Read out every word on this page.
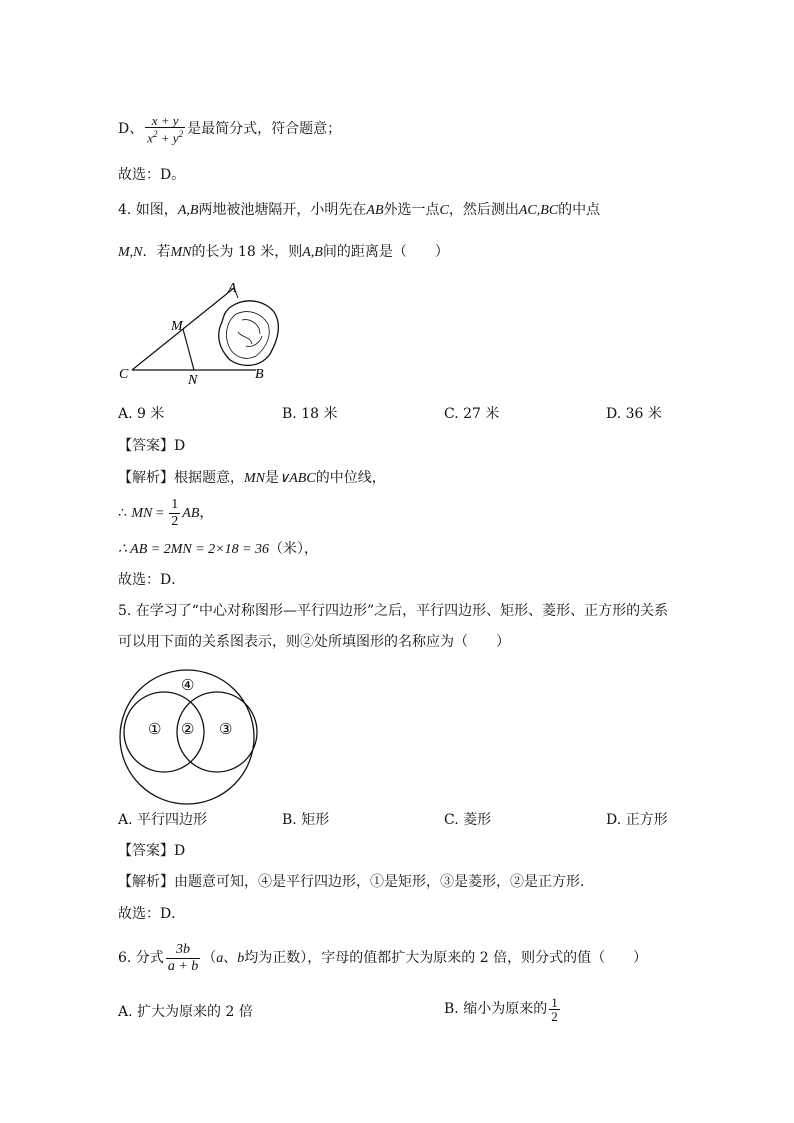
D、 $\frac{x + y}{x^2 + y^2}$ 是最简分式，符合题意；
故选：D。
4. 如图，A,B两地被池塘隔开，小明先在AB外选一点C，然后测出AC,BC的中点
M,N．若MN的长为 18 米，则A,B间的距离是（　　）
A
M
C	N	B
A. 9 米	B. 18 米	C. 27 米	D. 36 米
【答案】D
【解析】根据题意，MN是∨ABC的中位线，
∴ MN = $\frac{1}{2}$ AB，
∴ AB = 2MN = 2×18 = 36（米），
故选：D．
5. 在学习了“中心对称图形—平行四边形”之后，平行四边形、矩形、菱形、正方形的关系
可以用下面的关系图表示，则②处所填图形的名称应为（　　）
④
① ② ③
A. 平行四边形	B. 矩形	C. 菱形	D. 正方形
【答案】D
【解析】由题意可知，④是平行四边形，①是矩形，③是菱形，②是正方形．
故选：D．
6. 分式 $\frac{3b}{a + b} (a$、b均为正数），字母的值都扩大为原来的 2 倍，则分式的值（　　）
A. 扩大为原来的 2 倍	B. 缩小为原来的 $\frac{1}{2}$
